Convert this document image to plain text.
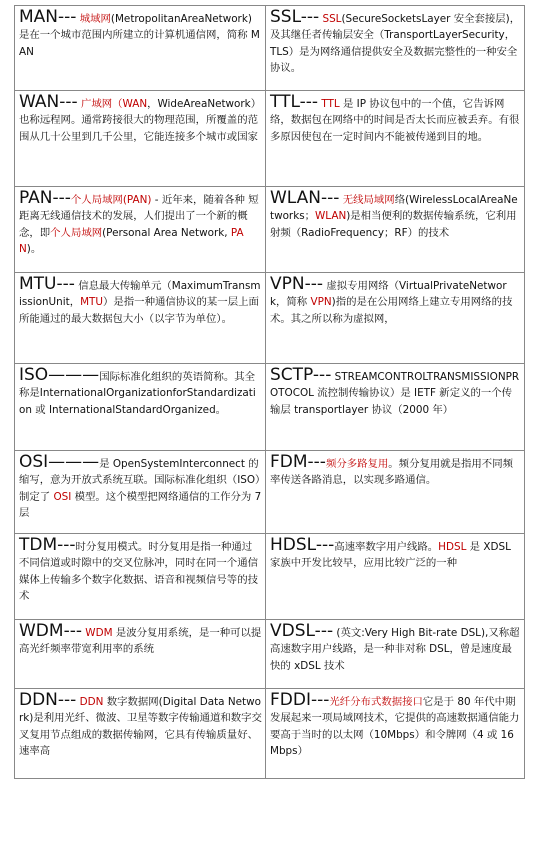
MAN--- 城域网(MetropolitanAreaNetwork)是在一个城市范围内所建立的计算机通信网，简称 MAN	SSL--- SSL(SecureSocketsLayer 安全套接层)，及其继任者传输层安全（TransportLayerSecurity，TLS）是为网络通信提供安全及数据完整性的一种安全协议。
WAN--- 广域网（WAN，WideAreaNetwork）也称远程网。通常跨接很大的物理范围，所覆盖的范围从几十公里到几千公里，它能连接多个城市或国家	TTL--- TTL 是 IP 协议包中的一个值，它告诉网络，数据包在网络中的时间是否太长而应被丢弃。有很多原因使包在一定时间内不能被传递到目的地。
PAN---个人局域网(PAN) - 近年来，随着各种 短距离无线通信技术的发展，人们提出了一个新的概念，即个人局域网(Personal Area Network, PAN)。	WLAN--- 无线局域网络(WirelessLocalAreaNetworks；WLAN)是相当便利的数据传输系统，它利用射频（RadioFrequency；RF）的技术
MTU--- 信息最大传输单元（MaximumTransmissionUnit，MTU）是指一种通信协议的某一层上面所能通过的最大数据包大小（以字节为单位）。	VPN--- 虚拟专用网络（VirtualPrivateNetwork，简称 VPN)指的是在公用网络上建立专用网络的技术。其之所以称为虚拟网，
ISO———国际标准化组织的英语简称。其全称是InternationalOrganizationforStandardization 或 InternationalStandardOrganized。	SCTP--- STREAMCONTROLTRANSMISSIONPROTOCOL 流控制传输协议）是 IETF 新定义的一个传输层 transportlayer 协议（2000 年）
OSI———是 OpenSystemInterconnect 的缩写，意为开放式系统互联。国际标准化组织（ISO）制定了 OSI 模型。这个模型把网络通信的工作分为 7 层	FDM---频分多路复用。频分复用就是指用不同频率传送各路消息，以实现多路通信。
TDM---时分复用模式。时分复用是指一种通过不同信道或时隙中的交叉位脉冲，同时在同一个通信媒体上传输多个数字化数据、语音和视频信号等的技术	HDSL---高速率数字用户线路。HDSL 是 XDSL 家族中开发比较早，应用比较广泛的一种
WDM--- WDM 是波分复用系统，是一种可以提高光纤频率带宽利用率的系统	VDSL--- (英文:Very High Bit-rate DSL),又称超高速数字用户线路，是一种非对称 DSL，曾是速度最快的 xDSL 技术
DDN--- DDN 数字数据网(Digital Data Network)是利用光纤、微波、卫星等数字传输通道和数字交叉复用节点组成的数据传输网，它具有传输质量好、速率高	FDDI---光纤分布式数据接口它是于 80 年代中期发展起来一项局域网技术，它提供的高速数据通信能力要高于当时的以太网（10Mbps）和令牌网（4 或 16Mbps）
